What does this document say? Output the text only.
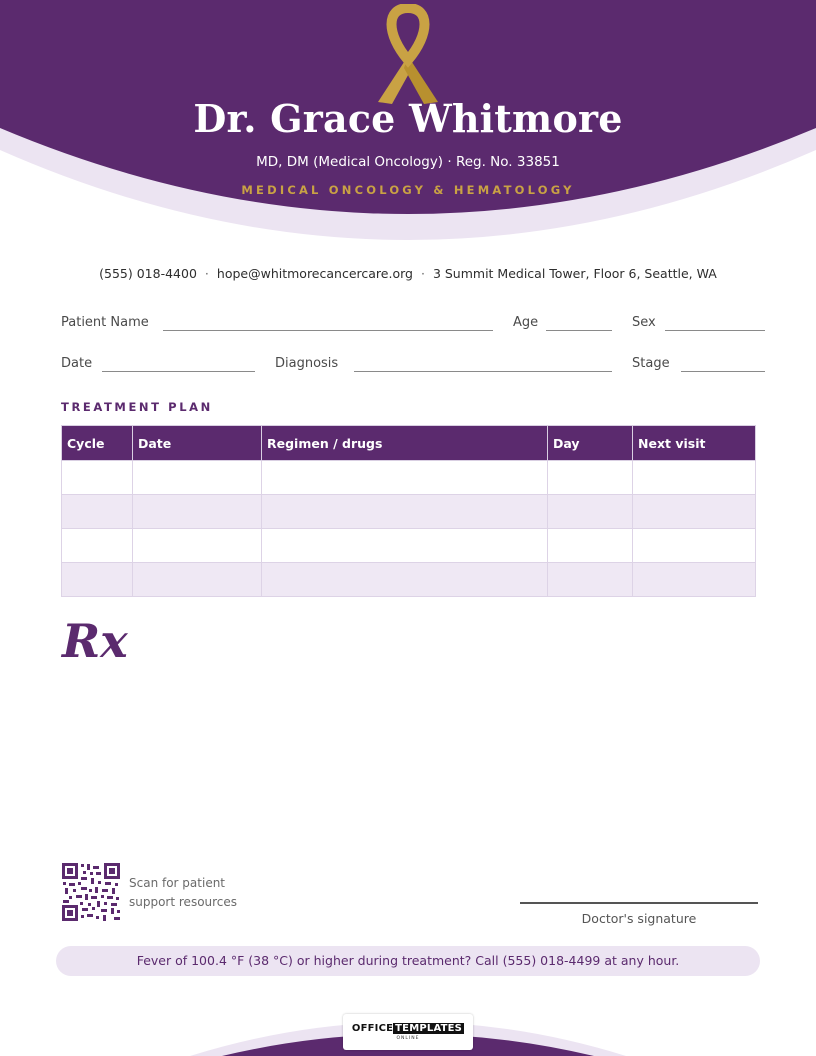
Dr. Grace Whitmore
MD, DM (Medical Oncology) · Reg. No. 33851
MEDICAL ONCOLOGY & HEMATOLOGY
(555) 018-4400 · hope@whitmorecancercare.org · 3 Summit Medical Tower, Floor 6, Seattle, WA
Patient Name	Age	Sex
Date	Diagnosis	Stage
TREATMENT PLAN
Cycle	Date	Regimen / drugs	Day	Next visit

Rx
Scan for patient
support resources
Doctor's signature
Fever of 100.4 °F (38 °C) or higher during treatment? Call (555) 018-4499 at any hour.
OFFICE TEMPLATES
ONLINE
